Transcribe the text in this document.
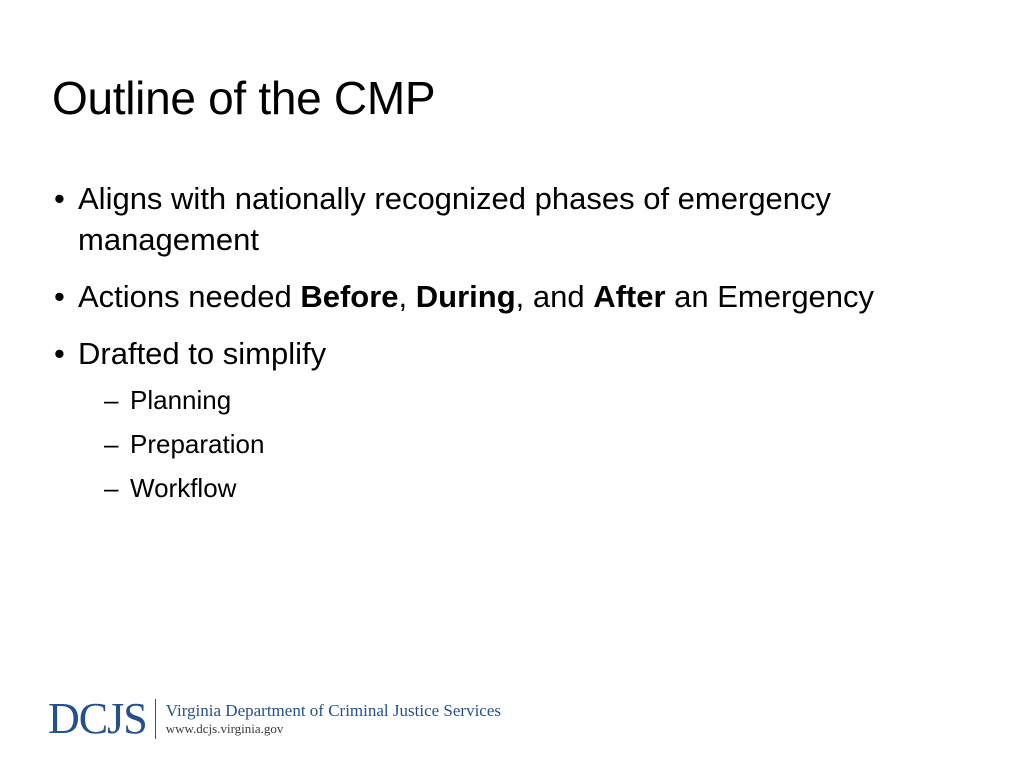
Outline of the CMP
• Aligns with nationally recognized phases of emergency management
• Actions needed Before, During, and After an Emergency
• Drafted to simplify
– Planning
– Preparation
– Workflow
DCJS Virginia Department of Criminal Justice Services
www.dcjs.virginia.gov
